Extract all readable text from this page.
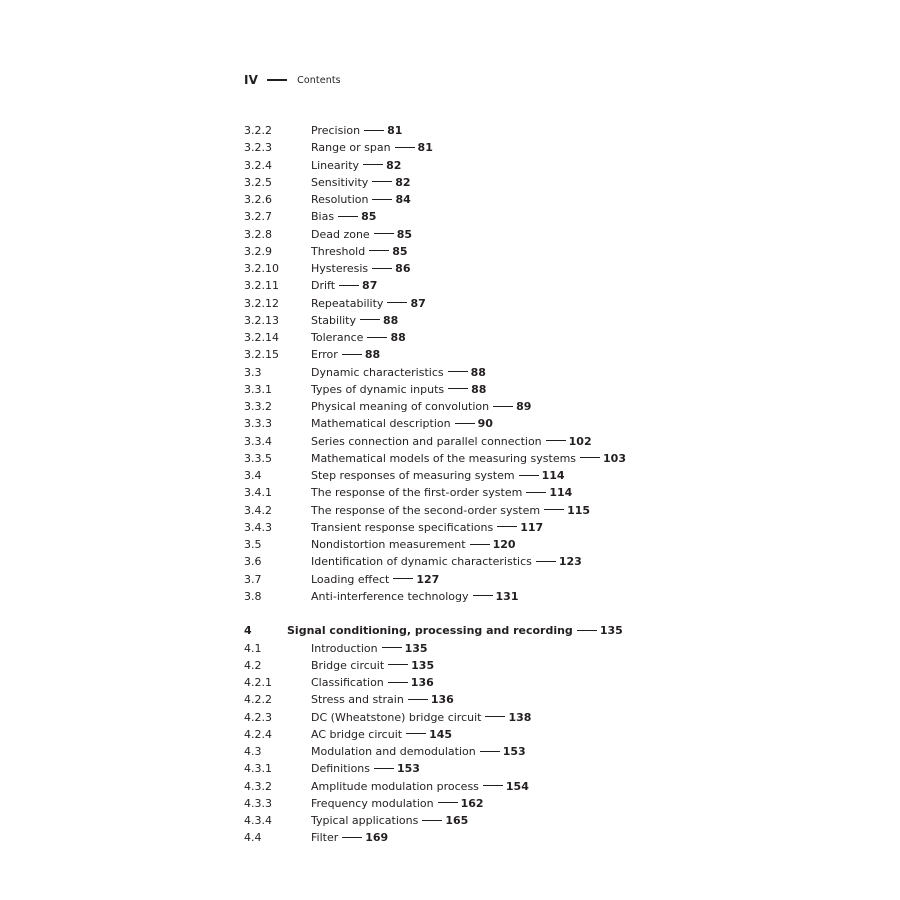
IV	Contents
3.2.2	Precision 81
3.2.3	Range or span 81
3.2.4	Linearity 82
3.2.5	Sensitivity 82
3.2.6	Resolution 84
3.2.7	Bias 85
3.2.8	Dead zone 85
3.2.9	Threshold 85
3.2.10	Hysteresis 86
3.2.11	Drift 87
3.2.12	Repeatability 87
3.2.13	Stability 88
3.2.14	Tolerance 88
3.2.15	Error 88
3.3	Dynamic characteristics 88
3.3.1	Types of dynamic inputs 88
3.3.2	Physical meaning of convolution 89
3.3.3	Mathematical description 90
3.3.4	Series connection and parallel connection 102
3.3.5	Mathematical models of the measuring systems 103
3.4	Step responses of measuring system 114
3.4.1	The response of the first-order system 114
3.4.2	The response of the second-order system 115
3.4.3	Transient response specifications 117
3.5	Nondistortion measurement 120
3.6	Identification of dynamic characteristics 123
3.7	Loading effect 127
3.8	Anti-interference technology 131
4	Signal conditioning, processing and recording 135
4.1	Introduction 135
4.2	Bridge circuit 135
4.2.1	Classification 136
4.2.2	Stress and strain 136
4.2.3	DC (Wheatstone) bridge circuit 138
4.2.4	AC bridge circuit 145
4.3	Modulation and demodulation 153
4.3.1	Definitions 153
4.3.2	Amplitude modulation process 154
4.3.3	Frequency modulation 162
4.3.4	Typical applications 165
4.4	Filter 169
